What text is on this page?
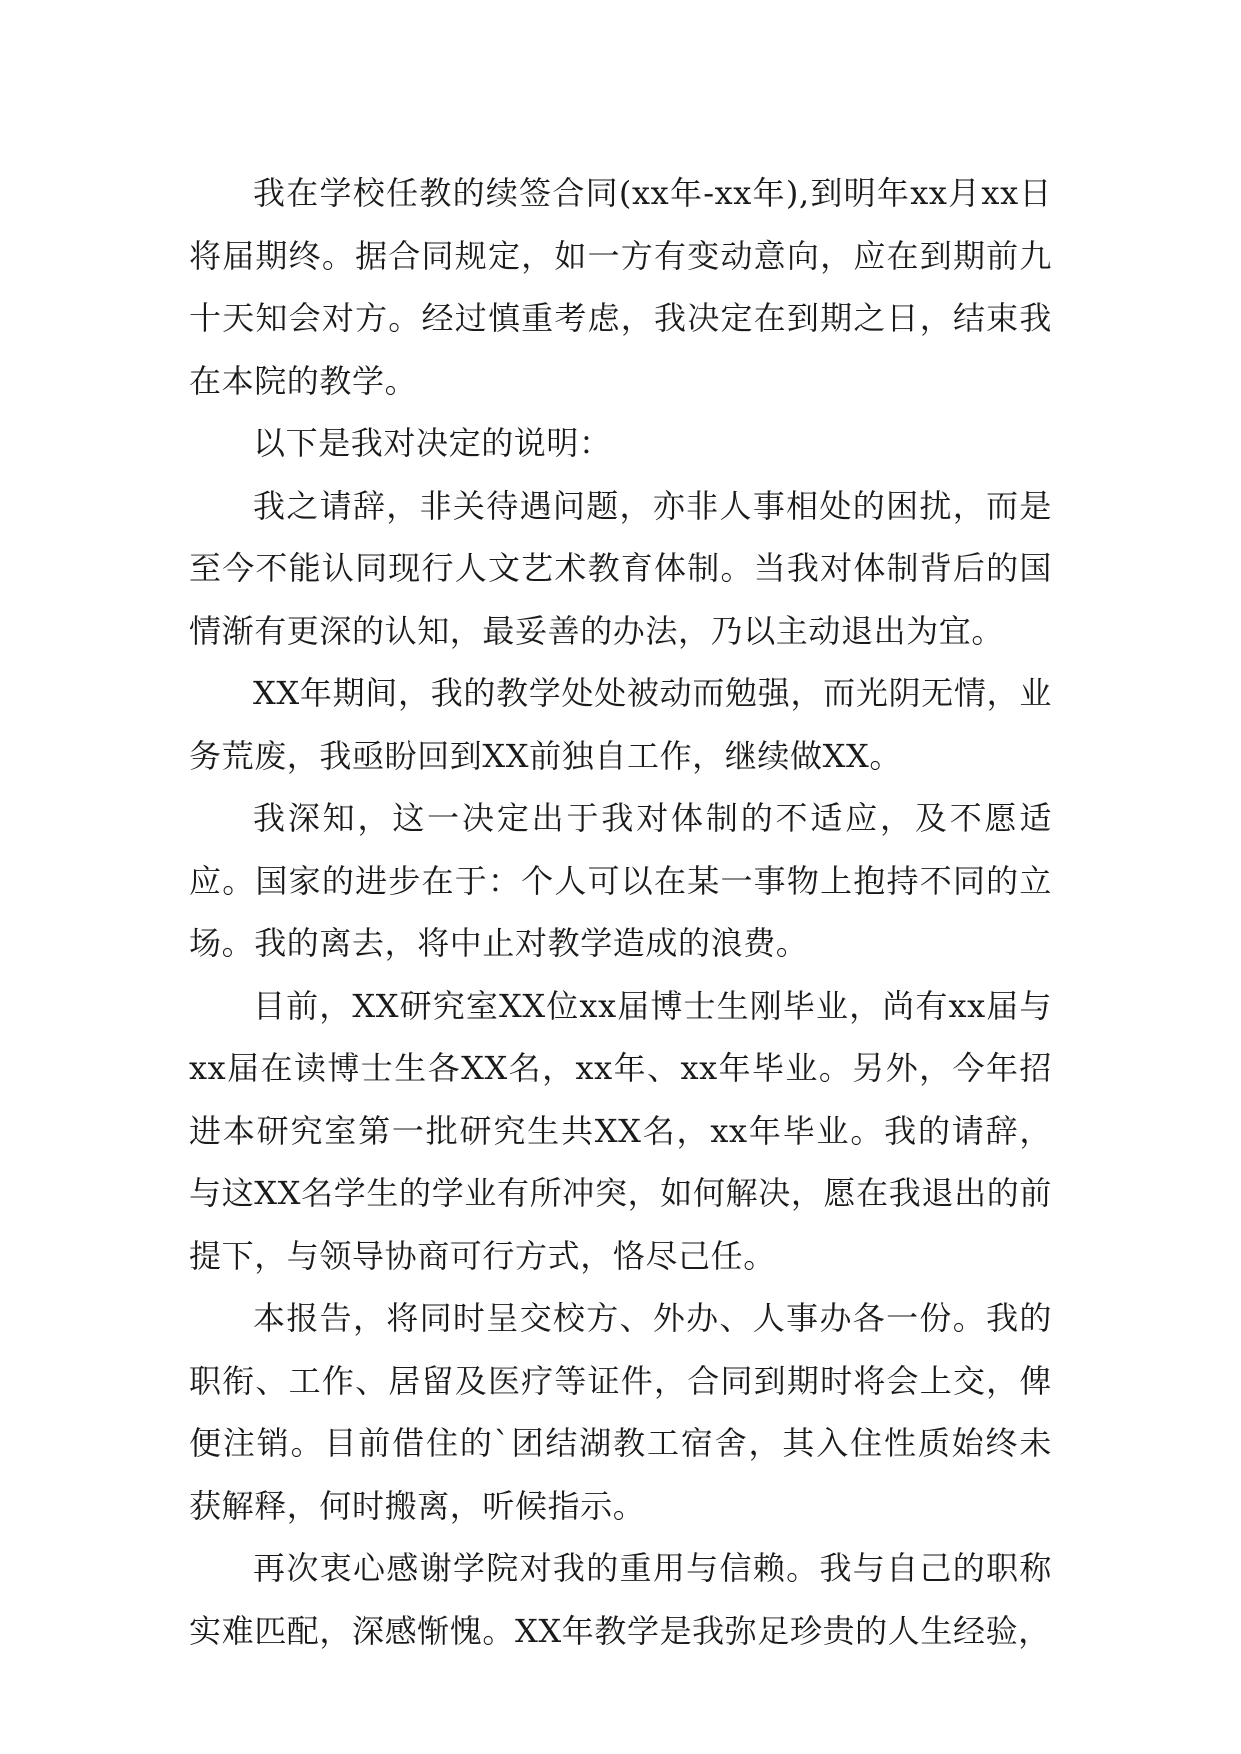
我在学校任教的续签合同(xx年-xx年),到明年xx月xx日将届期终。据合同规定，如一方有变动意向，应在到期前九十天知会对方。经过慎重考虑，我决定在到期之日，结束我在本院的教学。

以下是我对决定的说明：

我之请辞，非关待遇问题，亦非人事相处的困扰，而是至今不能认同现行人文艺术教育体制。当我对体制背后的国情渐有更深的认知，最妥善的办法，乃以主动退出为宜。

XX年期间，我的教学处处被动而勉强，而光阴无情，业务荒废，我亟盼回到XX前独自工作，继续做XX。

我深知，这一决定出于我对体制的不适应，及不愿适应。国家的进步在于：个人可以在某一事物上抱持不同的立场。我的离去，将中止对教学造成的浪费。

目前，XX研究室XX位xx届博士生刚毕业，尚有xx届与xx届在读博士生各XX名，xx年、xx年毕业。另外，今年招进本研究室第一批研究生共XX名，xx年毕业。我的请辞，与这XX名学生的学业有所冲突，如何解决，愿在我退出的前提下，与领导协商可行方式，恪尽己任。

本报告，将同时呈交校方、外办、人事办各一份。我的职衔、工作、居留及医疗等证件，合同到期时将会上交，俾便注销。目前借住的`团结湖教工宿舍，其入住性质始终未获解释，何时搬离，听候指示。

再次衷心感谢学院对我的重用与信赖。我与自己的职称实难匹配，深感惭愧。XX年教学是我弥足珍贵的人生经验，
